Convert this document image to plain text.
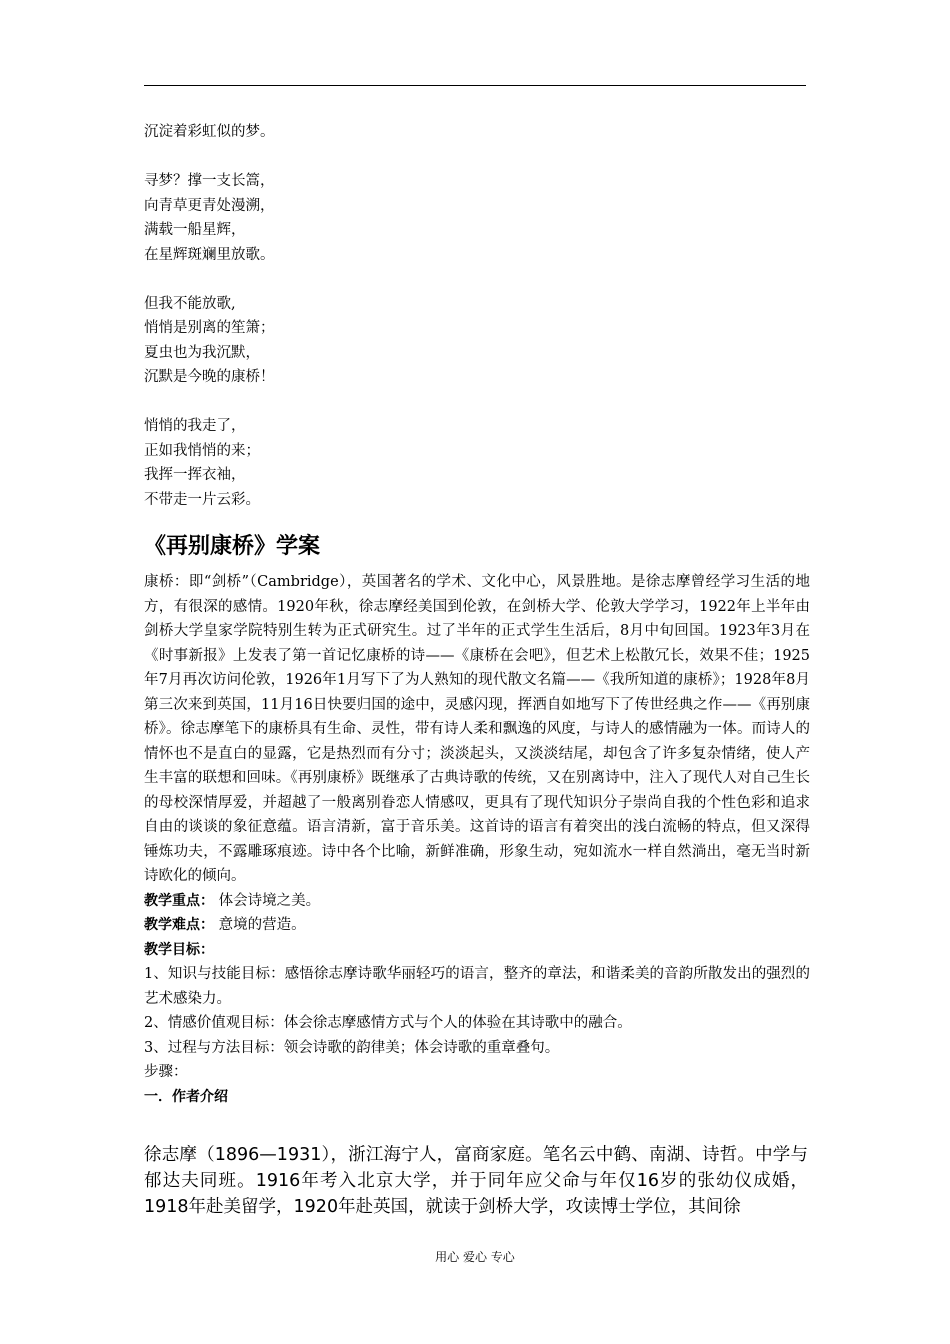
沉淀着彩虹似的梦。
寻梦？撑一支长篙，
向青草更青处漫溯，
满载一船星辉，
在星辉斑斓里放歌。
但我不能放歌,
悄悄是别离的笙箫；
夏虫也为我沉默，
沉默是今晚的康桥！
悄悄的我走了，
正如我悄悄的来；
我挥一挥衣袖，
不带走一片云彩。
《再别康桥》学案
康桥：即“剑桥”（Cambridge），英国著名的学术、文化中心，风景胜地。是徐志摩曾经学习生活的地方，有很深的感情。1920年秋，徐志摩经美国到伦敦，在剑桥大学、伦敦大学学习，1922年上半年由剑桥大学皇家学院特别生转为正式研究生。过了半年的正式学生生活后，8月中旬回国。1923年3月在《时事新报》上发表了第一首记忆康桥的诗——《康桥在会吧》，但艺术上松散冗长，效果不佳；1925年7月再次访问伦敦，1926年1月写下了为人熟知的现代散文名篇——《我所知道的康桥》；1928年8月第三次来到英国，11月16日快要归国的途中，灵感闪现，挥洒自如地写下了传世经典之作——《再别康桥》。徐志摩笔下的康桥具有生命、灵性，带有诗人柔和飘逸的风度，与诗人的感情融为一体。而诗人的情怀也不是直白的显露，它是热烈而有分寸；淡淡起头，又淡淡结尾，却包含了许多复杂情绪，使人产生丰富的联想和回味。《再别康桥》既继承了古典诗歌的传统，又在别离诗中，注入了现代人对自己生长的母校深情厚爱，并超越了一般离别眷恋人情感叹，更具有了现代知识分子崇尚自我的个性色彩和追求自由的谈谈的象征意蕴。语言清新，富于音乐美。这首诗的语言有着突出的浅白流畅的特点，但又深得锤炼功夫，不露雕琢痕迹。诗中各个比喻，新鲜准确，形象生动，宛如流水一样自然淌出，毫无当时新诗欧化的倾向。
教学重点： 体会诗境之美。
教学难点： 意境的营造。
教学目标：
1、知识与技能目标：感悟徐志摩诗歌华丽轻巧的语言，整齐的章法，和谐柔美的音韵所散发出的强烈的艺术感染力。
2、情感价值观目标：体会徐志摩感情方式与个人的体验在其诗歌中的融合。
3、过程与方法目标：领会诗歌的韵律美；体会诗歌的重章叠句。
步骤：
一．作者介绍
徐志摩（1896—1931），浙江海宁人，富商家庭。笔名云中鹤、南湖、诗哲。中学与郁达夫同班。1916年考入北京大学，并于同年应父命与年仅16岁的张幼仪成婚，1918年赴美留学，1920年赴英国，就读于剑桥大学，攻读博士学位，其间徐
用心 爱心 专心
